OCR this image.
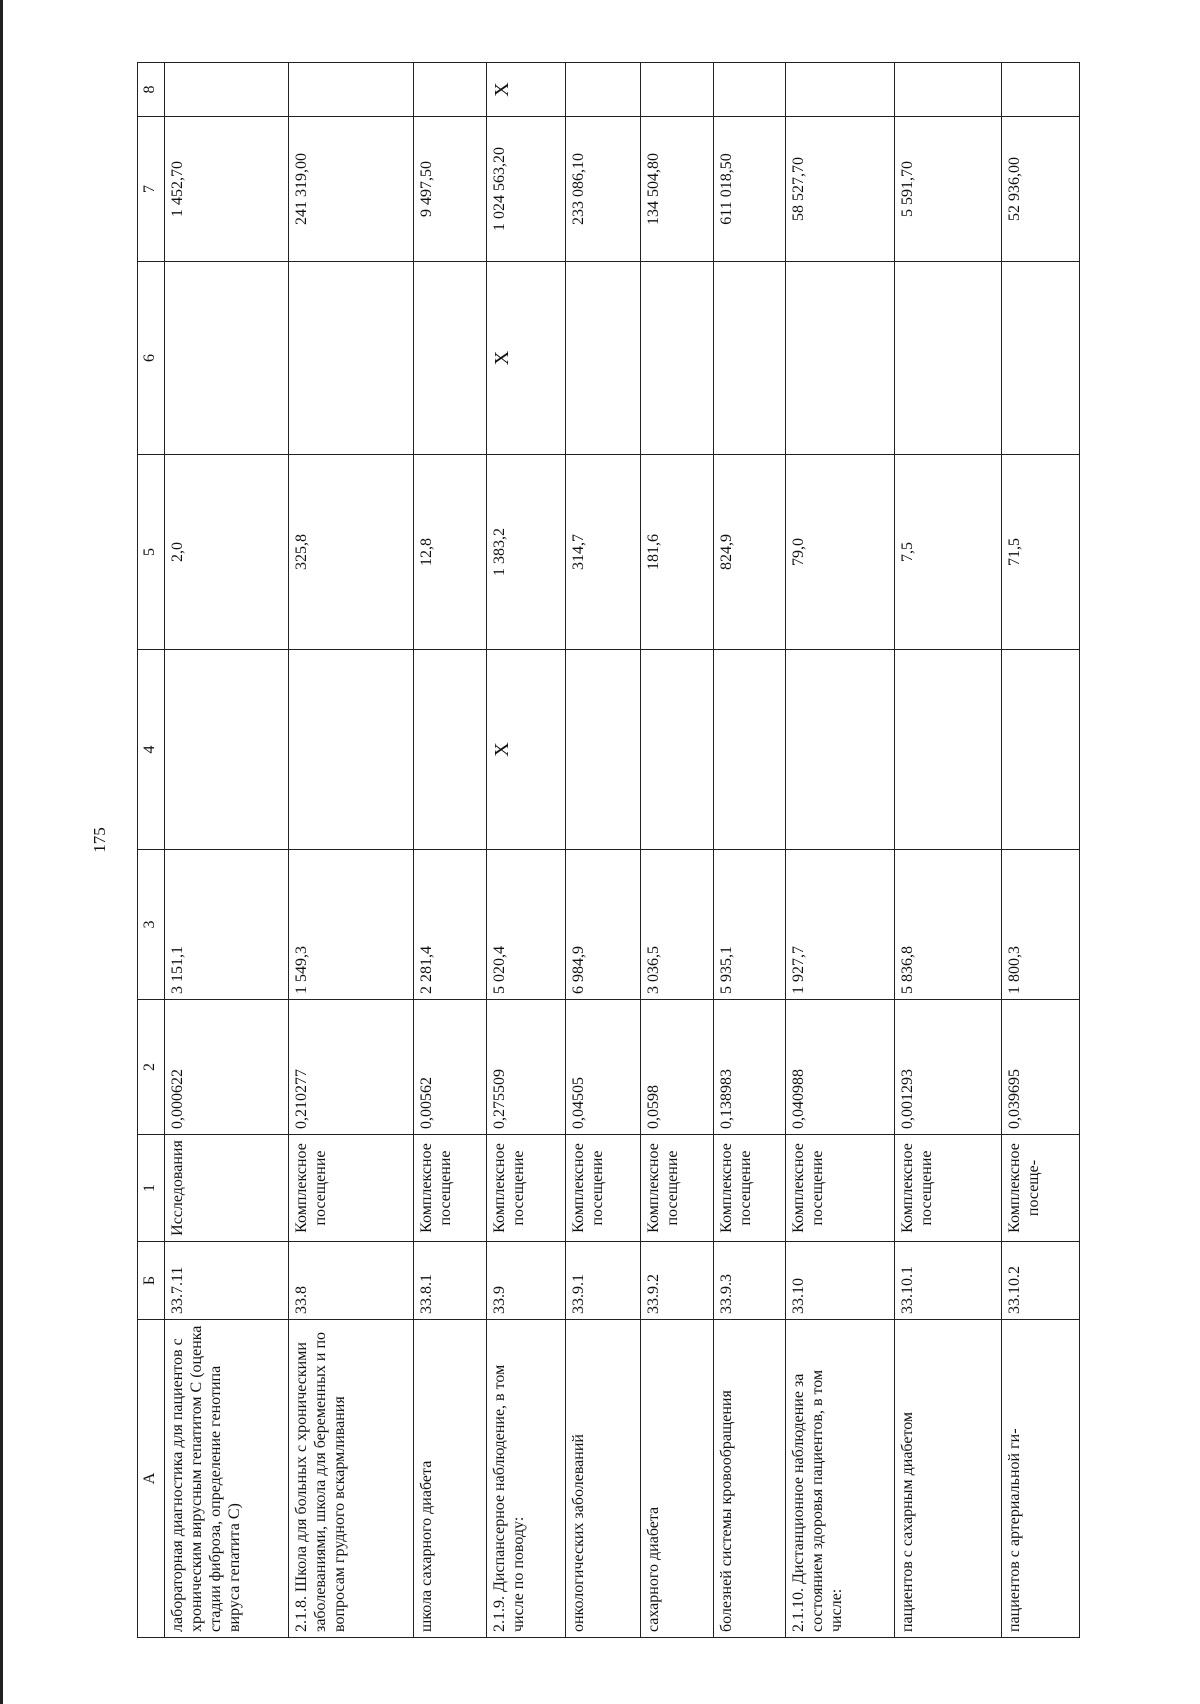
175
А	Б	1	2	3	4	5	6	7	8
лабораторная диагностика для пациентов с хроническим вирусным гепатитом С (оценка стадии фиброза, определение генотипа вируса гепатита С)	33.7.11	Исследования	0,000622	3 151,1		2,0		1 452,70	
2.1.8. Школа для больных с хроническими заболеваниями, школа для беременных и по вопросам грудного вскармливания	33.8	Комплексное посещение	0,210277	1 549,3		325,8		241 319,00	
школа сахарного диабета	33.8.1	Комплексное посещение	0,00562	2 281,4		12,8		9 497,50	
2.1.9. Диспансерное наблюдение, в том числе по поводу:	33.9	Комплексное посещение	0,275509	5 020,4	X	1 383,2	X	1 024 563,20	X
онкологических заболеваний	33.9.1	Комплексное посещение	0,04505	6 984,9		314,7		233 086,10	
сахарного диабета	33.9.2	Комплексное посещение	0,0598	3 036,5		181,6		134 504,80	
болезней системы кровообращения	33.9.3	Комплексное посещение	0,138983	5 935,1		824,9		611 018,50	
2.1.10. Дистанционное наблюдение за состоянием здоровья пациентов, в том числе:	33.10	Комплексное посещение	0,040988	1 927,7		79,0		58 527,70	
пациентов с сахарным диабетом	33.10.1	Комплексное посещение	0,001293	5 836,8		7,5		5 591,70	
пациентов с артериальной ги-	33.10.2	Комплексное посеще-	0,039695	1 800,3		71,5		52 936,00	
